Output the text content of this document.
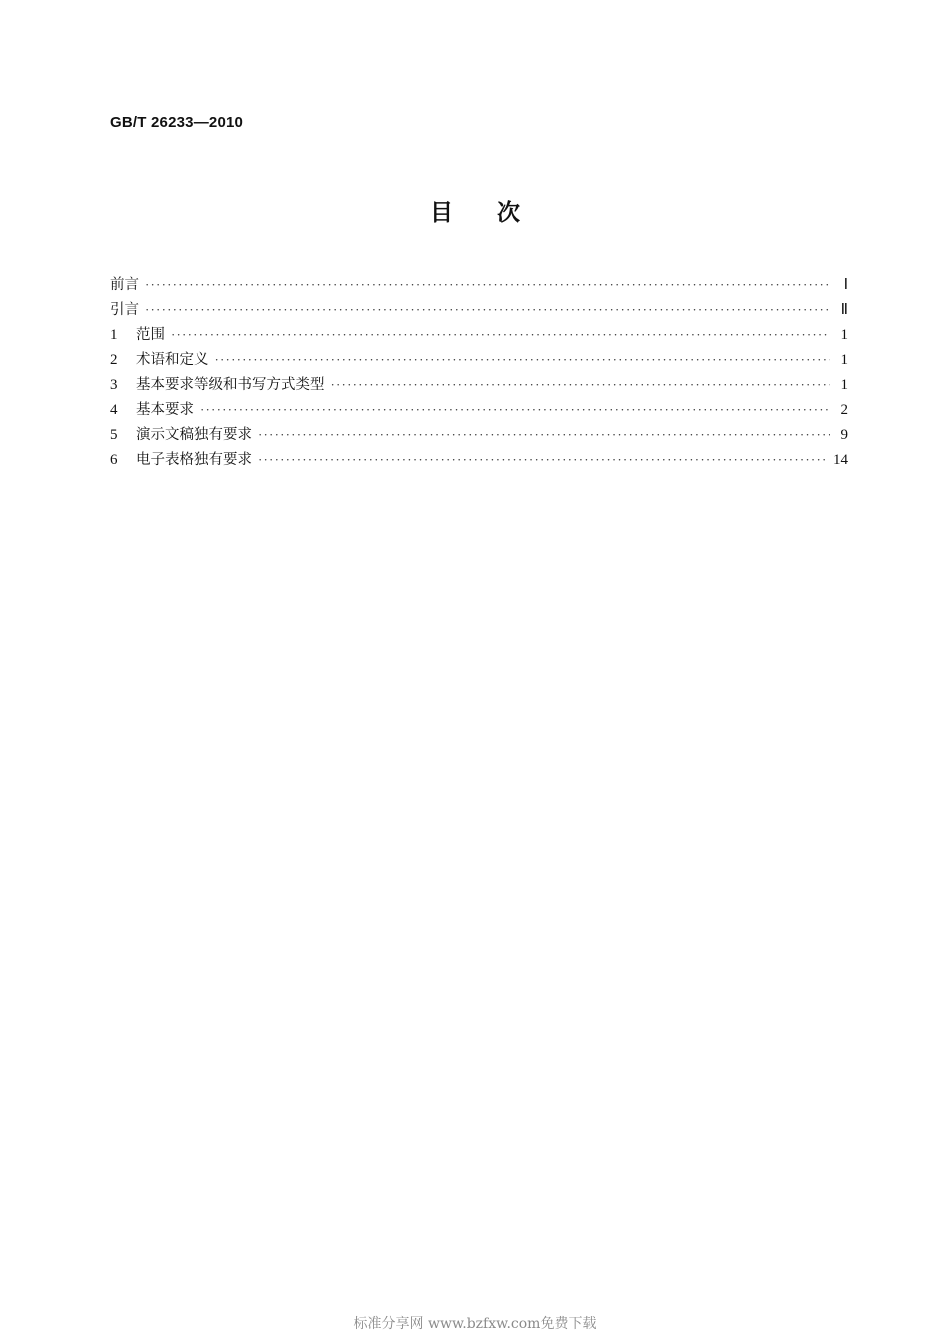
GB/T 26233—2010
目 次
前言 ·····	Ⅰ
引言 ·····	Ⅱ
1	范围 ·····	1
2	术语和定义 ·····	1
3	基本要求等级和书写方式类型 ·····	1
4	基本要求 ·····	2
5	演示文稿独有要求 ·····	9
6	电子表格独有要求 ·····	14
标准分享网 www.bzfxw.com免费下载
